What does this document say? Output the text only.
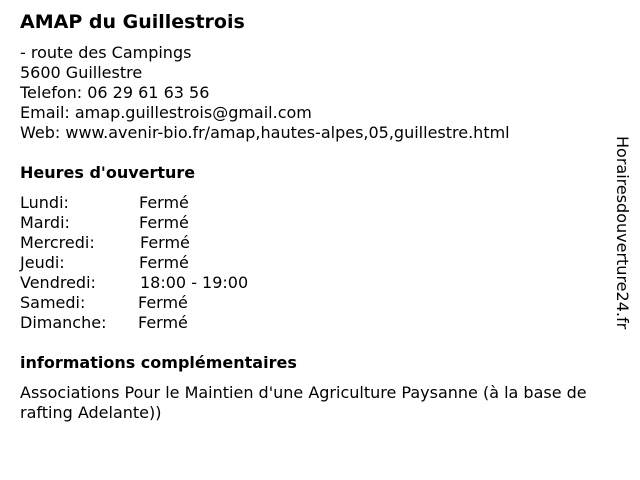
AMAP du Guillestrois
- route des Campings
5600 Guillestre
Telefon: 06 29 61 63 56
Email: amap.guillestrois@gmail.com
Web: www.avenir-bio.fr/amap,hautes-alpes,05,guillestre.html
Heures d'ouverture
Lundi:	Fermé
Mardi:	Fermé
Mercredi:	Fermé
Jeudi:	Fermé
Vendredi:	18:00 - 19:00
Samedi:	Fermé
Dimanche:	Fermé
informations complémentaires
Associations Pour le Maintien d'une Agriculture Paysanne (à la base de rafting Adelante))
Horairesdouverture24.fr
